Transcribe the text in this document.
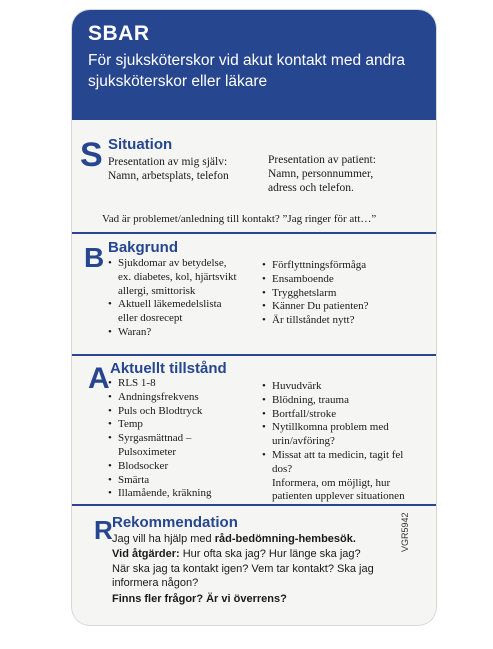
SBAR
För sjuksköterskor vid akut kontakt med andra sjuksköterskor eller läkare
S Situation
Presentation av mig själv:
Namn, arbetsplats, telefon
Presentation av patient:
Namn, personnummer,
adress och telefon.
Vad är problemet/anledning till kontakt? ”Jag ringer för att…”
B Bakgrund
• Sjukdomar av betydelse,
ex. diabetes, kol, hjärtsvikt
allergi, smittorisk
• Aktuell läkemedelslista
eller dosrecept
• Waran?
• Förflyttningsförmåga
• Ensamboende
• Trygghetslarm
• Känner Du patienten?
• Är tillståndet nytt?
A Aktuellt tillstånd
• RLS 1-8
• Andningsfrekvens
• Puls och Blodtryck
• Temp
• Syrgasmättnad –
Pulsoximeter
• Blodsocker
• Smärta
• Illamående, kräkning
• Huvudvärk
• Blödning, trauma
• Bortfall/stroke
• Nytillkomna problem med
urin/avföring?
• Missat att ta medicin, tagit fel
dos?
Informera, om möjligt, hur
patienten upplever situationen
R Rekommendation
Jag vill ha hjälp med råd-bedömning-hembesök.
Vid åtgärder: Hur ofta ska jag? Hur länge ska jag?
När ska jag ta kontakt igen? Vem tar kontakt? Ska jag
informera någon?
Finns fler frågor? Är vi överrens?
VGR5942
